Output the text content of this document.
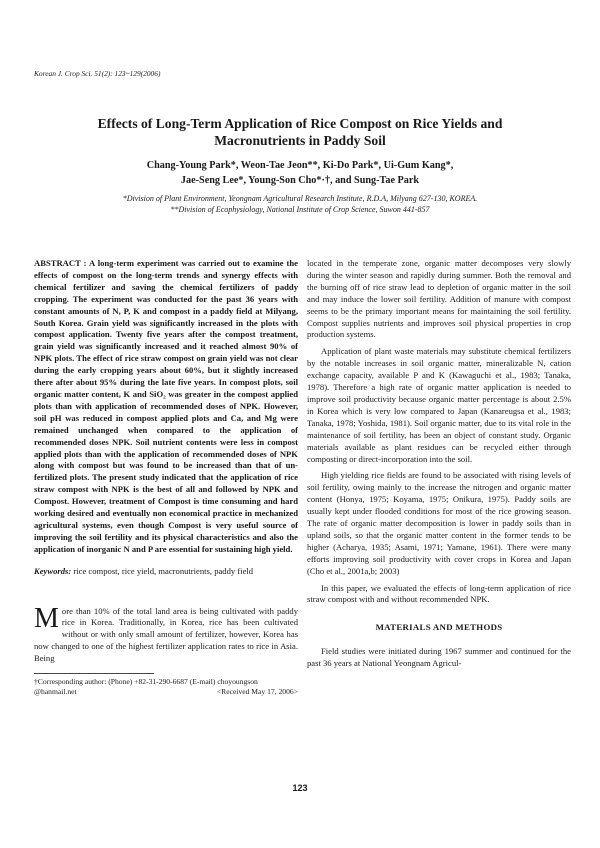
Korean J. Crop Sci. 51(2): 123~129(2006)
Effects of Long-Term Application of Rice Compost on Rice Yields and
Macronutrients in Paddy Soil
Chang-Young Park*, Weon-Tae Jeon**, Ki-Do Park*, Ui-Gum Kang*,
Jae-Seng Lee*, Young-Son Cho*·†, and Sung-Tae Park
*Division of Plant Environment, Yeongnam Agricultural Research Institute, R.D.A, Milyang 627-130, KOREA.
**Division of Ecophysiology, National Institute of Crop Science, Suwon 441-857
ABSTRACT : A long-term experiment was carried out to examine the effects of compost on the long-term trends and synergy effects with chemical fertilizer and saving the chemical fertilizers of paddy cropping. The experiment was conducted for the past 36 years with constant amounts of N, P, K and compost in a paddy field at Milyang, South Korea. Grain yield was significantly increased in the plots with compost application. Twenty five years after the compost treatment, grain yield was significantly increased and it reached almost 90% of NPK plots. The effect of rice straw compost on grain yield was not clear during the early cropping years about 60%, but it slightly increased there after about 95% during the late five years. In compost plots, soil organic matter content, K and SiO₂ was greater in the compost applied plots than with application of recommended doses of NPK. However, soil pH was reduced in compost applied plots and Ca, and Mg were remained unchanged when compared to the application of recommended doses NPK. Soil nutrient contents were less in compost applied plots than with the application of recommended doses of NPK along with compost but was found to be increased than that of un-fertilized plots. The present study indicated that the application of rice straw compost with NPK is the best of all and followed by NPK and Compost. However, treatment of Compost is time consuming and hard working desired and eventually non economical practice in mechanized agricultural systems, even though Compost is very useful source of improving the soil fertility and its physical characteristics and also the application of inorganic N and P are essential for sustaining high yield.
Keywords: rice compost, rice yield, macronutrients, paddy field
More than 10% of the total land area is being cultivated with paddy rice in Korea. Traditionally, in Korea, rice has been cultivated without or with only small amount of fertilizer, however, Korea has now changed to one of the highest fertilizer application rates to rice in Asia. Being
†Corresponding author: (Phone) +82-31-290-6687 (E-mail) choyoungson
@hanmail.net	<Received May 17, 2006>

located in the temperate zone, organic matter decomposes very slowly during the winter season and rapidly during summer. Both the removal and the burning off of rice straw lead to depletion of organic matter in the soil and may induce the lower soil fertility. Addition of manure with compost seems to be the primary important means for maintaining the soil fertility. Compost supplies nutrients and improves soil physical properties in crop production systems.

Application of plant waste materials may substitute chemical fertilizers by the notable increases in soil organic matter, mineralizable N, cation exchange capacity, available P and K (Kawaguchi et al., 1983; Tanaka, 1978). Therefore a high rate of organic matter application is needed to improve soil productivity because organic matter percentage is about 2.5% in Korea which is very low compared to Japan (Kanareugsa et al., 1983; Tanaka, 1978; Yoshida, 1981). Soil organic matter, due to its vital role in the maintenance of soil fertility, has been an object of constant study. Organic materials available as plant residues can be recycled either through composting or direct-incorporation into the soil.

High yielding rice fields are found to be associated with rising levels of soil fertility, owing mainly to the increase the nitrogen and organic matter content (Honya, 1975; Koyama, 1975; Onikura, 1975). Paddy soils are usually kept under flooded conditions for most of the rice growing season. The rate of organic matter decomposition is lower in paddy soils than in upland soils, so that the organic matter content in the former tends to be higher (Acharya, 1935; Asami, 1971; Yamane, 1961). There were many efforts improving soil productivity with cover crops in Korea and Japan (Cho et al., 2001a,b; 2003)

In this paper, we evaluated the effects of long-term application of rice straw compost with and without recommended NPK.

MATERIALS AND METHODS

Field studies were initiated during 1967 summer and continued for the past 36 years at National Yeongnam Agricul-

123
